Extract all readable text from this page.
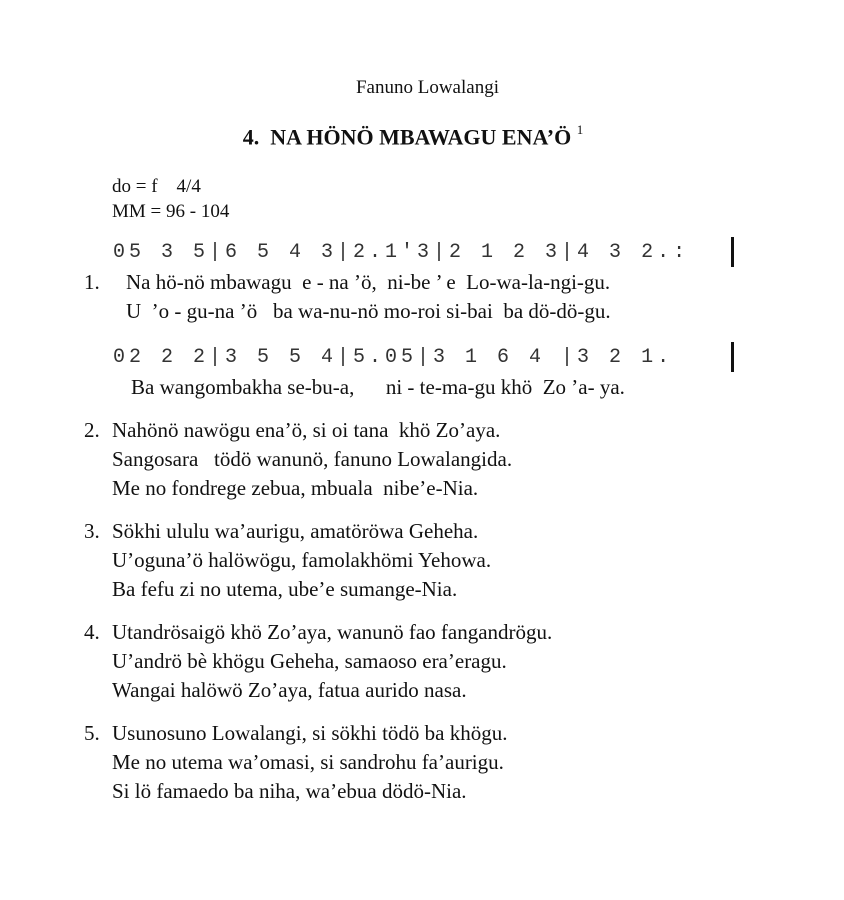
Fanuno Lowalangi
4.  NA HÖNÖ MBAWAGU ENA’Ö $^1$
do = f    4/4
MM = 96 - 104
05 3 5|6 5 4 3|2.1'3|2 1 2 3|4 3 2.:
1. Na hö-nö mbawagu  e - na ’ö,  ni-be ’ e  Lo-wa-la-ngi-gu.
U  ’o - gu-na ’ö   ba wa-nu-nö mo-roi si-bai  ba dö-dö-gu.
02 2 2|3 5 5 4|5.05|3 1 6 4 |3 2 1.
Ba wangombakha se-bu-a,      ni - te-ma-gu khö  Zo ’a- ya.
2. Nahönö nawögu ena’ö, si oi tana  khö Zo’aya.
Sangosara   tödö wanunö, fanuno Lowalangida.
Me no fondrege zebua, mbuala  nibe’e-Nia.
3. Sökhi ululu wa’aurigu, amatöröwa Geheha.
U’oguna’ö halöwögu, famolakhömi Yehowa.
Ba fefu zi no utema, ube’e sumange-Nia.
4. Utandrösaigö khö Zo’aya, wanunö fao fangandrögu.
U’andrö bè khögu Geheha, samaoso era’eragu.
Wangai halöwö Zo’aya, fatua aurido nasa.
5. Usunosuno Lowalangi, si sökhi tödö ba khögu.
Me no utema wa’omasi, si sandrohu fa’aurigu.
Si lö famaedo ba niha, wa’ebua dödö-Nia.
